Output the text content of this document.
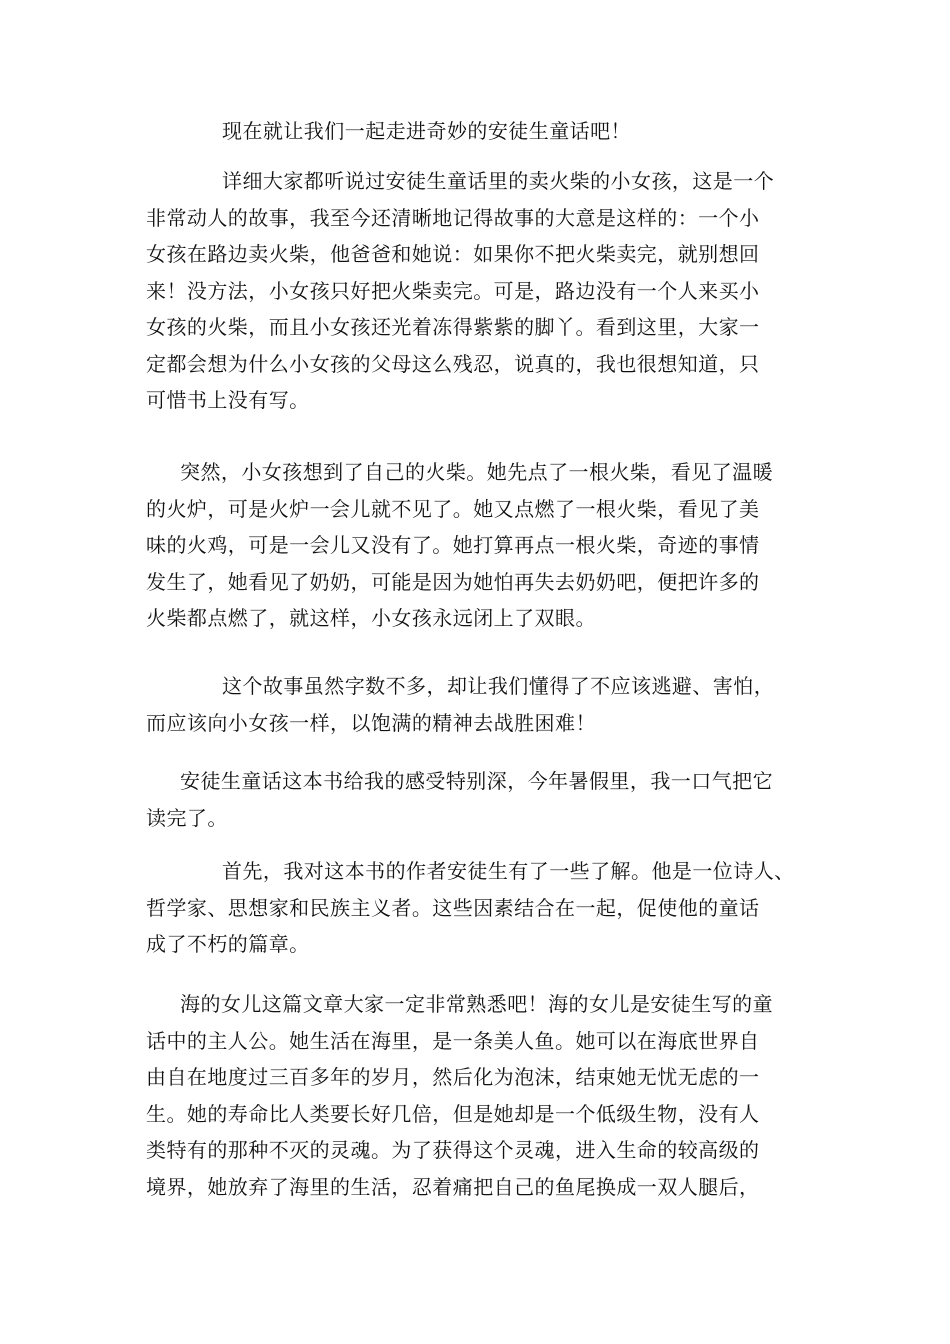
现在就让我们一起走进奇妙的安徒生童话吧！

详细大家都听说过安徒生童话里的卖火柴的小女孩，这是一个
非常动人的故事，我至今还清晰地记得故事的大意是这样的：一个小
女孩在路边卖火柴，他爸爸和她说：如果你不把火柴卖完，就别想回
来！没方法，小女孩只好把火柴卖完。可是，路边没有一个人来买小
女孩的火柴，而且小女孩还光着冻得紫紫的脚丫。看到这里，大家一
定都会想为什么小女孩的父母这么残忍，说真的，我也很想知道，只
可惜书上没有写。

突然，小女孩想到了自己的火柴。她先点了一根火柴，看见了温暖
的火炉，可是火炉一会儿就不见了。她又点燃了一根火柴，看见了美
味的火鸡，可是一会儿又没有了。她打算再点一根火柴，奇迹的事情
发生了，她看见了奶奶，可能是因为她怕再失去奶奶吧，便把许多的
火柴都点燃了，就这样，小女孩永远闭上了双眼。

这个故事虽然字数不多，却让我们懂得了不应该逃避、害怕，
而应该向小女孩一样，以饱满的精神去战胜困难！

安徒生童话这本书给我的感受特别深，今年暑假里，我一口气把它
读完了。

首先，我对这本书的作者安徒生有了一些了解。他是一位诗人、
哲学家、思想家和民族主义者。这些因素结合在一起，促使他的童话
成了不朽的篇章。

海的女儿这篇文章大家一定非常熟悉吧！海的女儿是安徒生写的童
话中的主人公。她生活在海里，是一条美人鱼。她可以在海底世界自
由自在地度过三百多年的岁月，然后化为泡沫，结束她无忧无虑的一
生。她的寿命比人类要长好几倍，但是她却是一个低级生物，没有人
类特有的那种不灭的灵魂。为了获得这个灵魂，进入生命的较高级的
境界，她放弃了海里的生活，忍着痛把自己的鱼尾换成一双人腿后，
